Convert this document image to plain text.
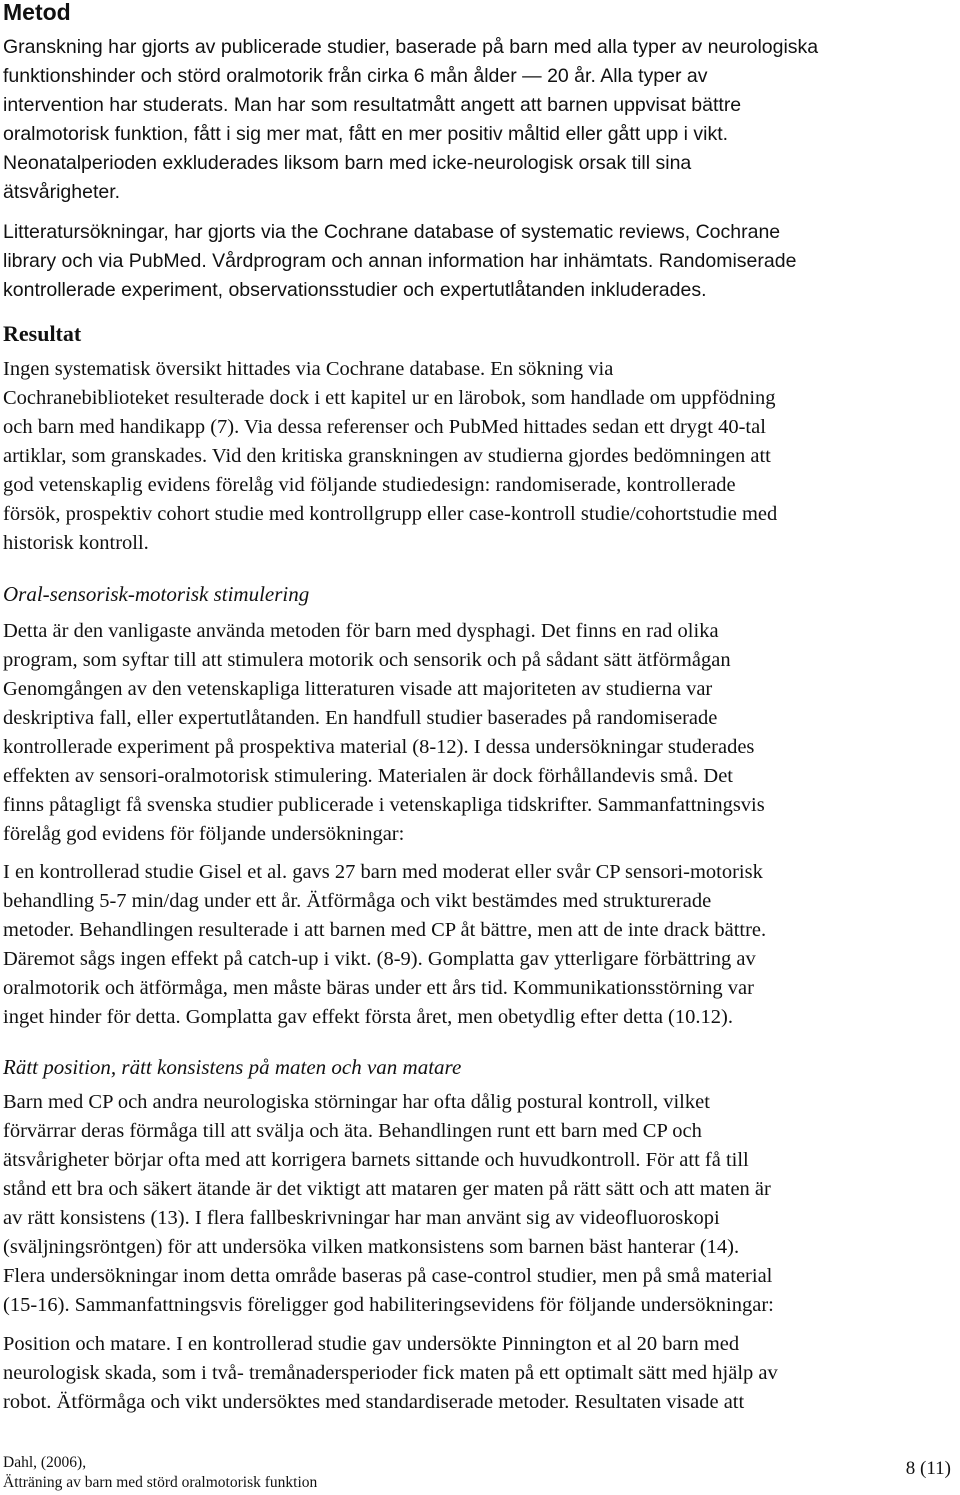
Metod
Granskning har gjorts av publicerade studier, baserade på barn med alla typer av neurologiska
funktionshinder och störd oralmotorik från cirka 6 mån ålder — 20 år. Alla typer av
intervention har studerats. Man har som resultatmått angett att barnen uppvisat bättre
oralmotorisk funktion, fått i sig mer mat, fått en mer positiv måltid eller gått upp i vikt.
Neonatalperioden exkluderades liksom barn med icke-neurologisk orsak till sina
ätsvårigheter.
Litteratursökningar, har gjorts via the Cochrane database of systematic reviews, Cochrane
library och via PubMed. Vårdprogram och annan information har inhämtats. Randomiserade
kontrollerade experiment, observationsstudier och expertutlåtanden inkluderades.
Resultat
Ingen systematisk översikt hittades via Cochrane database. En sökning via
Cochranebiblioteket resulterade dock i ett kapitel ur en lärobok, som handlade om uppfödning
och barn med handikapp (7). Via dessa referenser och PubMed hittades sedan ett drygt 40-tal
artiklar, som granskades. Vid den kritiska granskningen av studierna gjordes bedömningen att
god vetenskaplig evidens förelåg vid följande studiedesign: randomiserade, kontrollerade
försök, prospektiv cohort studie med kontrollgrupp eller case-kontroll studie/cohortstudie med
historisk kontroll.
Oral-sensorisk-motorisk stimulering
Detta är den vanligaste använda metoden för barn med dysphagi. Det finns en rad olika
program, som syftar till att stimulera motorik och sensorik och på sådant sätt ätförmågan
Genomgången av den vetenskapliga litteraturen visade att majoriteten av studierna var
deskriptiva fall, eller expertutlåtanden. En handfull studier baserades på randomiserade
kontrollerade experiment på prospektiva material (8-12). I dessa undersökningar studerades
effekten av sensori-oralmotorisk stimulering. Materialen är dock förhållandevis små. Det
finns påtagligt få svenska studier publicerade i vetenskapliga tidskrifter. Sammanfattningsvis
förelåg god evidens för följande undersökningar:
I en kontrollerad studie Gisel et al. gavs 27 barn med moderat eller svår CP sensori-motorisk
behandling 5-7 min/dag under ett år. Ätförmåga och vikt bestämdes med strukturerade
metoder. Behandlingen resulterade i att barnen med CP åt bättre, men att de inte drack bättre.
Däremot sågs ingen effekt på catch-up i vikt. (8-9). Gomplatta gav ytterligare förbättring av
oralmotorik och ätförmåga, men måste bäras under ett års tid. Kommunikationsstörning var
inget hinder för detta. Gomplatta gav effekt första året, men obetydlig efter detta (10.12).
Rätt position, rätt konsistens på maten och van matare
Barn med CP och andra neurologiska störningar har ofta dålig postural kontroll, vilket
förvärrar deras förmåga till att svälja och äta. Behandlingen runt ett barn med CP och
ätsvårigheter börjar ofta med att korrigera barnets sittande och huvudkontroll. För att få till
stånd ett bra och säkert ätande är det viktigt att mataren ger maten på rätt sätt och att maten är
av rätt konsistens (13). I flera fallbeskrivningar har man använt sig av videofluoroskopi
(sväljningsröntgen) för att undersöka vilken matkonsistens som barnen bäst hanterar (14).
Flera undersökningar inom detta område baseras på case-control studier, men på små material
(15-16). Sammanfattningsvis föreligger god habiliteringsevidens för följande undersökningar:
Position och matare. I en kontrollerad studie gav undersökte Pinnington et al 20 barn med
neurologisk skada, som i två- tremånadersperioder fick maten på ett optimalt sätt med hjälp av
robot. Ätförmåga och vikt undersöktes med standardiserade metoder. Resultaten visade att
Dahl, (2006),
Ätträning av barn med störd oralmotorisk funktion
8 (11)
